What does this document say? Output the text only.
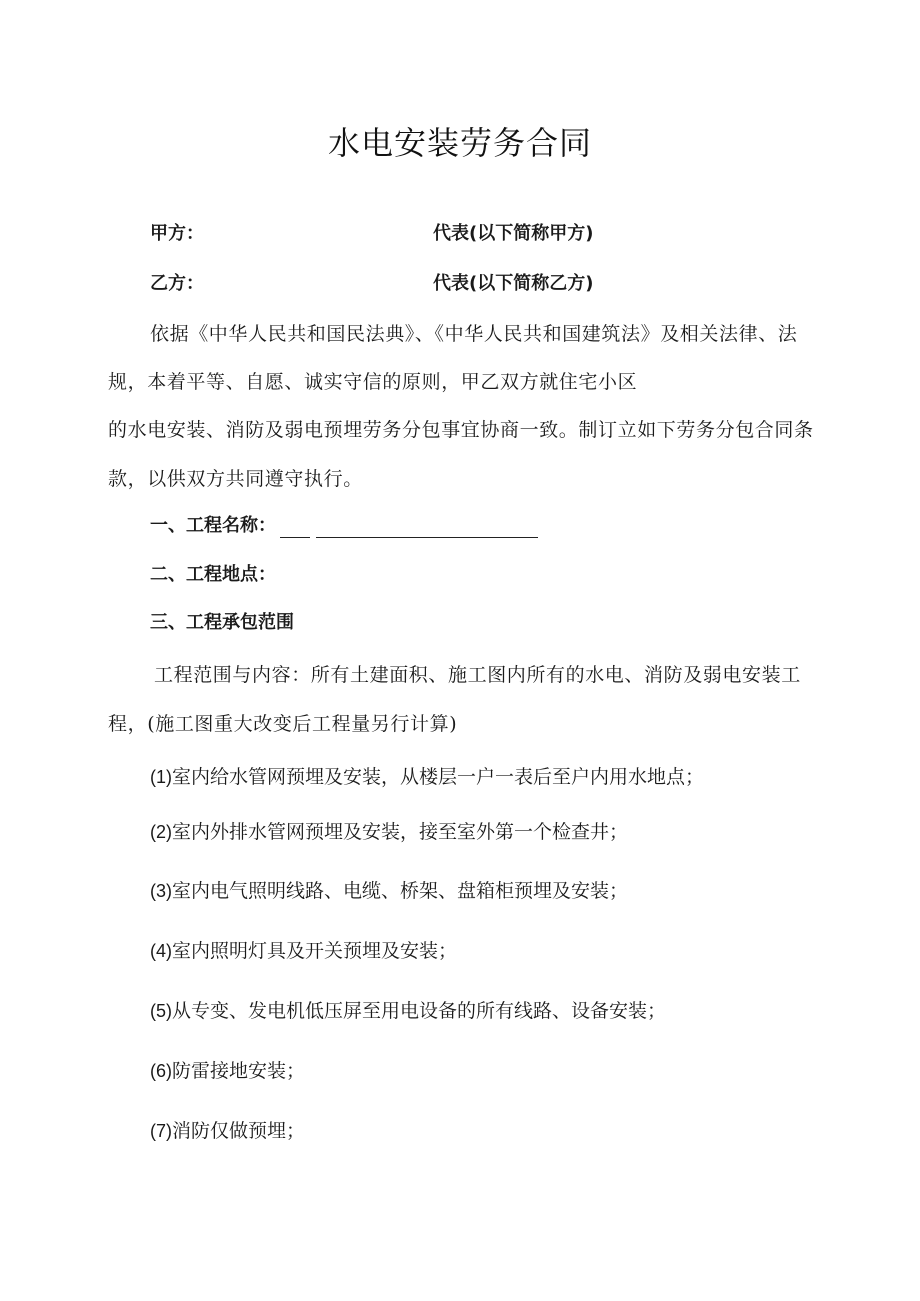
水电安装劳务合同
甲方：	代表(以下简称甲方)
乙方：	代表(以下简称乙方)
依据《中华人民共和国民法典》、《中华人民共和国建筑法》及相关法律、法
规，本着平等、自愿、诚实守信的原则，甲乙双方就住宅小区
的水电安装、消防及弱电预埋劳务分包事宜协商一致。制订立如下劳务分包合同条
款，以供双方共同遵守执行。
一、工程名称：
二、工程地点：
三、工程承包范围
工程范围与内容：所有土建面积、施工图内所有的水电、消防及弱电安装工
程，(施工图重大改变后工程量另行计算)
(1)室内给水管网预埋及安装，从楼层一户一表后至户内用水地点；
(2)室内外排水管网预埋及安装，接至室外第一个检查井；
(3)室内电气照明线路、电缆、桥架、盘箱柜预埋及安装；
(4)室内照明灯具及开关预埋及安装；
(5)从专变、发电机低压屏至用电设备的所有线路、设备安装；
(6)防雷接地安装；
(7)消防仅做预埋；
